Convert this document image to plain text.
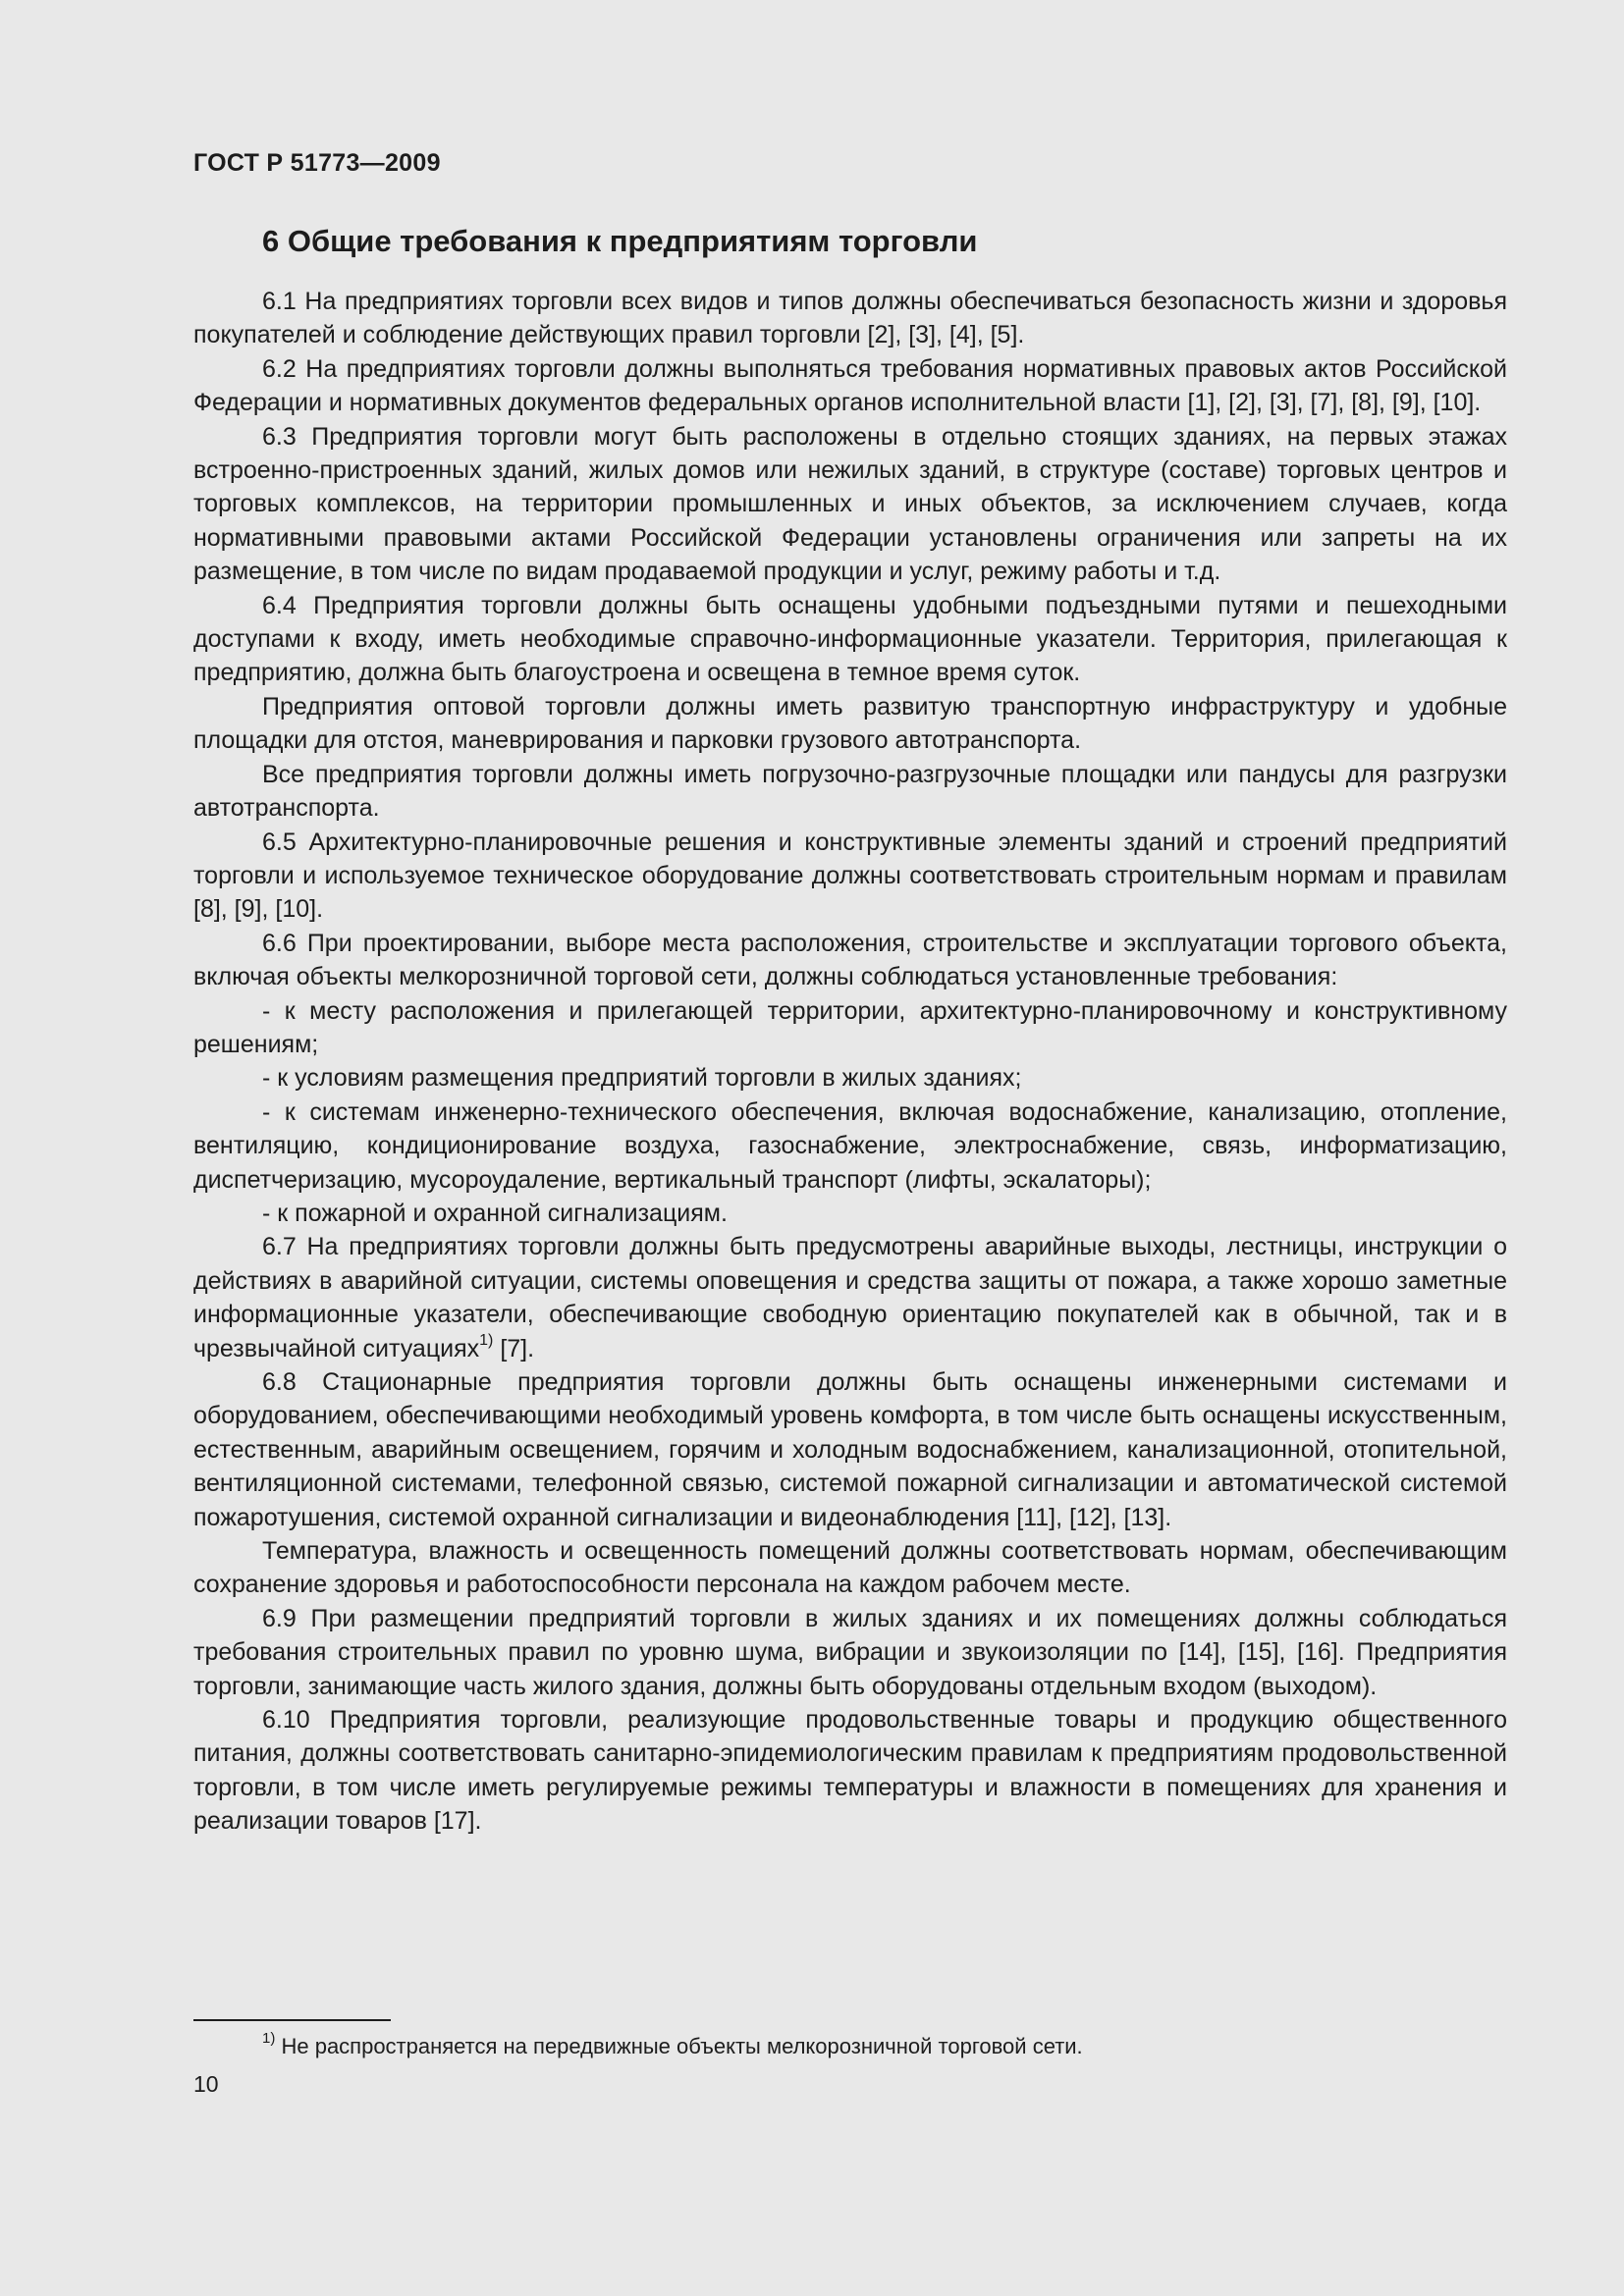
ГОСТ Р 51773—2009
6 Общие требования к предприятиям торговли

6.1 На предприятиях торговли всех видов и типов должны обеспечиваться безопасность жизни и здоровья покупателей и соблюдение действующих правил торговли [2], [3], [4], [5].

6.2 На предприятиях торговли должны выполняться требования нормативных правовых актов Российской Федерации и нормативных документов федеральных органов исполнительной власти [1], [2], [3], [7], [8], [9], [10].

6.3 Предприятия торговли могут быть расположены в отдельно стоящих зданиях, на первых этажах встроенно-пристроенных зданий, жилых домов или нежилых зданий, в структуре (составе) торговых центров и торговых комплексов, на территории промышленных и иных объектов, за исключением случаев, когда нормативными правовыми актами Российской Федерации установлены ограничения или запреты на их размещение, в том числе по видам продаваемой продукции и услуг, режиму работы и т.д.

6.4 Предприятия торговли должны быть оснащены удобными подъездными путями и пешеходными доступами к входу, иметь необходимые справочно-информационные указатели. Территория, прилегающая к предприятию, должна быть благоустроена и освещена в темное время суток.

Предприятия оптовой торговли должны иметь развитую транспортную инфраструктуру и удобные площадки для отстоя, маневрирования и парковки грузового автотранспорта.

Все предприятия торговли должны иметь погрузочно-разгрузочные площадки или пандусы для разгрузки автотранспорта.

6.5 Архитектурно-планировочные решения и конструктивные элементы зданий и строений предприятий торговли и используемое техническое оборудование должны соответствовать строительным нормам и правилам [8], [9], [10].

6.6 При проектировании, выборе места расположения, строительстве и эксплуатации торгового объекта, включая объекты мелкорозничной торговой сети, должны соблюдаться установленные требования:

- к месту расположения и прилегающей территории, архитектурно-планировочному и конструктивному решениям;

- к условиям размещения предприятий торговли в жилых зданиях;

- к системам инженерно-технического обеспечения, включая водоснабжение, канализацию, отопление, вентиляцию, кондиционирование воздуха, газоснабжение, электроснабжение, связь, информатизацию, диспетчеризацию, мусороудаление, вертикальный транспорт (лифты, эскалаторы);

- к пожарной и охранной сигнализациям.

6.7 На предприятиях торговли должны быть предусмотрены аварийные выходы, лестницы, инструкции о действиях в аварийной ситуации, системы оповещения и средства защиты от пожара, а также хорошо заметные информационные указатели, обеспечивающие свободную ориентацию покупателей как в обычной, так и в чрезвычайной ситуациях$^{1)}$ [7].

6.8 Стационарные предприятия торговли должны быть оснащены инженерными системами и оборудованием, обеспечивающими необходимый уровень комфорта, в том числе быть оснащены искусственным, естественным, аварийным освещением, горячим и холодным водоснабжением, канализационной, отопительной, вентиляционной системами, телефонной связью, системой пожарной сигнализации и автоматической системой пожаротушения, системой охранной сигнализации и видеонаблюдения [11], [12], [13].

Температура, влажность и освещенность помещений должны соответствовать нормам, обеспечивающим сохранение здоровья и работоспособности персонала на каждом рабочем месте.

6.9 При размещении предприятий торговли в жилых зданиях и их помещениях должны соблюдаться требования строительных правил по уровню шума, вибрации и звукоизоляции по [14], [15], [16]. Предприятия торговли, занимающие часть жилого здания, должны быть оборудованы отдельным входом (выходом).

6.10 Предприятия торговли, реализующие продовольственные товары и продукцию общественного питания, должны соответствовать санитарно-эпидемиологическим правилам к предприятиям продовольственной торговли, в том числе иметь регулируемые режимы температуры и влажности в помещениях для хранения и реализации товаров [17].

$^{1)}$ Не распространяется на передвижные объекты мелкорозничной торговой сети.
10
